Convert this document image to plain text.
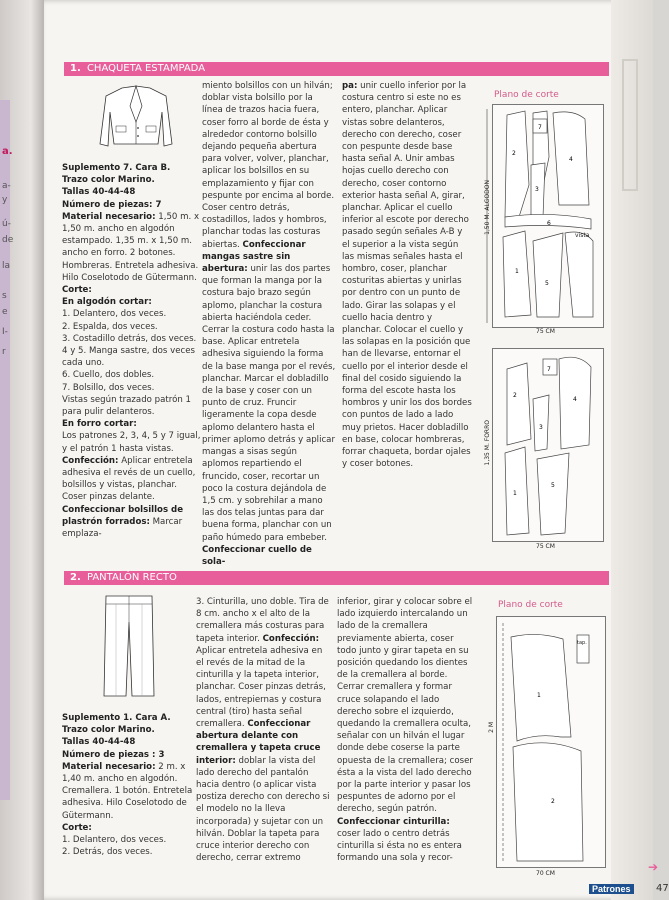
a.
a-
y
ú-
de
la
s
e
I-
r
1. CHAQUETA ESTAMPADA

Suplemento 7. Cara B.

Trazo color Marino.

Tallas 40-44-48

Número de piezas: 7

Material necesario: 1,50 m. x 1,50 m. ancho en algodón estampado. 1,35 m. x 1,50 m. ancho en forro. 2 botones. Hombreras. Entretela adhesiva. Hilo Coselotodo de Gütermann.

Corte:

En algodón cortar:

1. Delantero, dos veces.

2. Espalda, dos veces.

3. Costadillo detrás, dos veces.

4 y 5. Manga sastre, dos veces cada uno.

6. Cuello, dos dobles.

7. Bolsillo, dos veces.

Vistas según trazado patrón 1 para pulir delanteros.

En forro cortar:

Los patrones 2, 3, 4, 5 y 7 igual, y el patrón 1 hasta vistas.

Confección: Aplicar entretela adhesiva el revés de un cuello, bolsillos y vistas, planchar. Coser pinzas delante. Confeccionar bolsillos de plastrón forrados: Marcar emplaza-

miento bolsillos con un hilván; doblar vista bolsillo por la línea de trazos hacia fuera, coser forro al borde de ésta y alrededor contorno bolsillo dejando pequeña abertura para volver, volver, planchar, aplicar los bolsillos en su emplazamiento y fijar con pespunte por encima al borde. Coser centro detrás, costadillos, lados y hombros, planchar todas las costuras abiertas. Confeccionar mangas sastre sin abertura: unir las dos partes que forman la manga por la costura bajo brazo según aplomo, planchar la costura abierta haciéndola ceder. Cerrar la costura codo hasta la base. Aplicar entretela adhesiva siguiendo la forma de la base manga por el revés, planchar. Marcar el dobladillo de la base y coser con un punto de cruz. Fruncir ligeramente la copa desde aplomo delantero hasta el primer aplomo detrás y aplicar mangas a sisas según aplomos repartiendo el fruncido, coser, recortar un poco la costura dejándola de 1,5 cm. y sobrehilar a mano las dos telas juntas para dar buena forma, planchar con un paño húmedo para embeber. Confeccionar cuello de sola-

pa: unir cuello inferior por la costura centro si este no es entero, planchar. Aplicar vistas sobre delanteros, derecho con derecho, coser con pespunte desde base hasta señal A. Unir ambas hojas cuello derecho con derecho, coser contorno exterior hasta señal A, girar, planchar. Aplicar el cuello inferior al escote por derecho pasado según señales A-B y el superior a la vista según las mismas señales hasta el hombro, coser, planchar costuritas abiertas y unirlas por dentro con un punto de lado. Girar las solapas y el cuello hacia dentro y planchar. Colocar el cuello y las solapas en la posición que han de llevarse, entornar el cuello por el interior desde el final del cosido siguiendo la forma del escote hasta los hombros y unir los dos bordes con puntos de lado a lado muy prietos. Hacer dobladillo en base, colocar hombreras, forrar chaqueta, bordar ojales y coser botones.

Plano de corte
2
7
4
3
6
1
5
1,50 M. ALGODON
vista
75 CM
7
2
3
4
1
5
1,35 M. FORRO
75 CM
2. PANTALÓN RECTO

Suplemento 1. Cara A.

Trazo color Marino.

Tallas 40-44-48

Número de piezas : 3

Material necesario: 2 m. x 1,40 m. ancho en algodón. Cremallera. 1 botón. Entretela adhesiva. Hilo Coselotodo de Gütermann.

Corte:

1. Delantero, dos veces.

2. Detrás, dos veces.

3. Cinturilla, uno doble. Tira de 8 cm. ancho x el alto de la cremallera más costuras para tapeta interior. Confección: Aplicar entretela adhesiva en el revés de la mitad de la cinturilla y la tapeta interior, planchar. Coser pinzas detrás, lados, entrepiernas y costura central (tiro) hasta señal cremallera. Confeccionar abertura delante con cremallera y tapeta cruce interior: doblar la vista del lado derecho del pantalón hacia dentro (o aplicar vista postiza derecho con derecho si el modelo no la lleva incorporada) y sujetar con un hilván. Doblar la tapeta para cruce interior derecho con derecho, cerrar extremo

inferior, girar y colocar sobre el lado izquierdo intercalando un lado de la cremallera previamente abierta, coser todo junto y girar tapeta en su posición quedando los dientes de la cremallera al borde. Cerrar cremallera y formar cruce solapando el lado derecho sobre el izquierdo, quedando la cremallera oculta, señalar con un hilván el lugar donde debe coserse la parte opuesta de la cremallera; coser ésta a la vista del lado derecho por la parte interior y pasar los pespuntes de adorno por el derecho, según patrón. Confeccionar cinturilla: coser lado o centro detrás cinturilla si ésta no es entera formando una sola y recor-

Plano de corte
1
2
tap.
2 M
70 CM	➔
Patrones	47
